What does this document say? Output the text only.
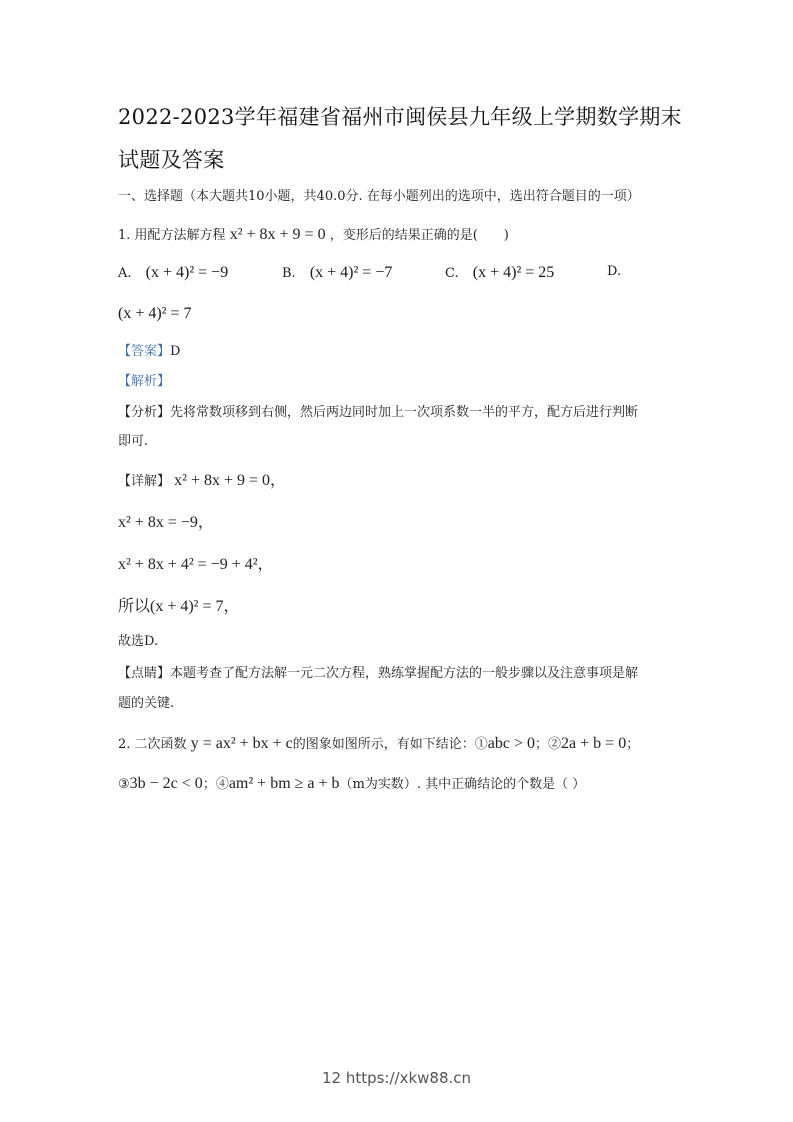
2022-2023学年福建省福州市闽侯县九年级上学期数学期末
试题及答案
一、选择题（本大题共10小题，共40.0分. 在每小题列出的选项中，选出符合题目的一项）
1. 用配方法解方程 x² + 8x + 9 = 0 ，变形后的结果正确的是(　　)
A. (x + 4)² = −9	B. (x + 4)² = −7	C. (x + 4)² = 25	D.
(x + 4)² = 7
【答案】D
【解析】
【分析】先将常数项移到右侧，然后两边同时加上一次项系数一半的平方，配方后进行判断
即可.
【详解】 x² + 8x + 9 = 0，
x² + 8x = −9，
x² + 8x + 4² = −9 + 4²，
所以(x + 4)² = 7，
故选D.
【点睛】本题考查了配方法解一元二次方程，熟练掌握配方法的一般步骤以及注意事项是解
题的关键.
2. 二次函数 y = ax² + bx + c的图象如图所示，有如下结论：①abc > 0；②2a + b = 0；
③3b − 2c < 0；④am² + bm ≥ a + b（m为实数）. 其中正确结论的个数是（ ）
12 https://xkw88.cn
